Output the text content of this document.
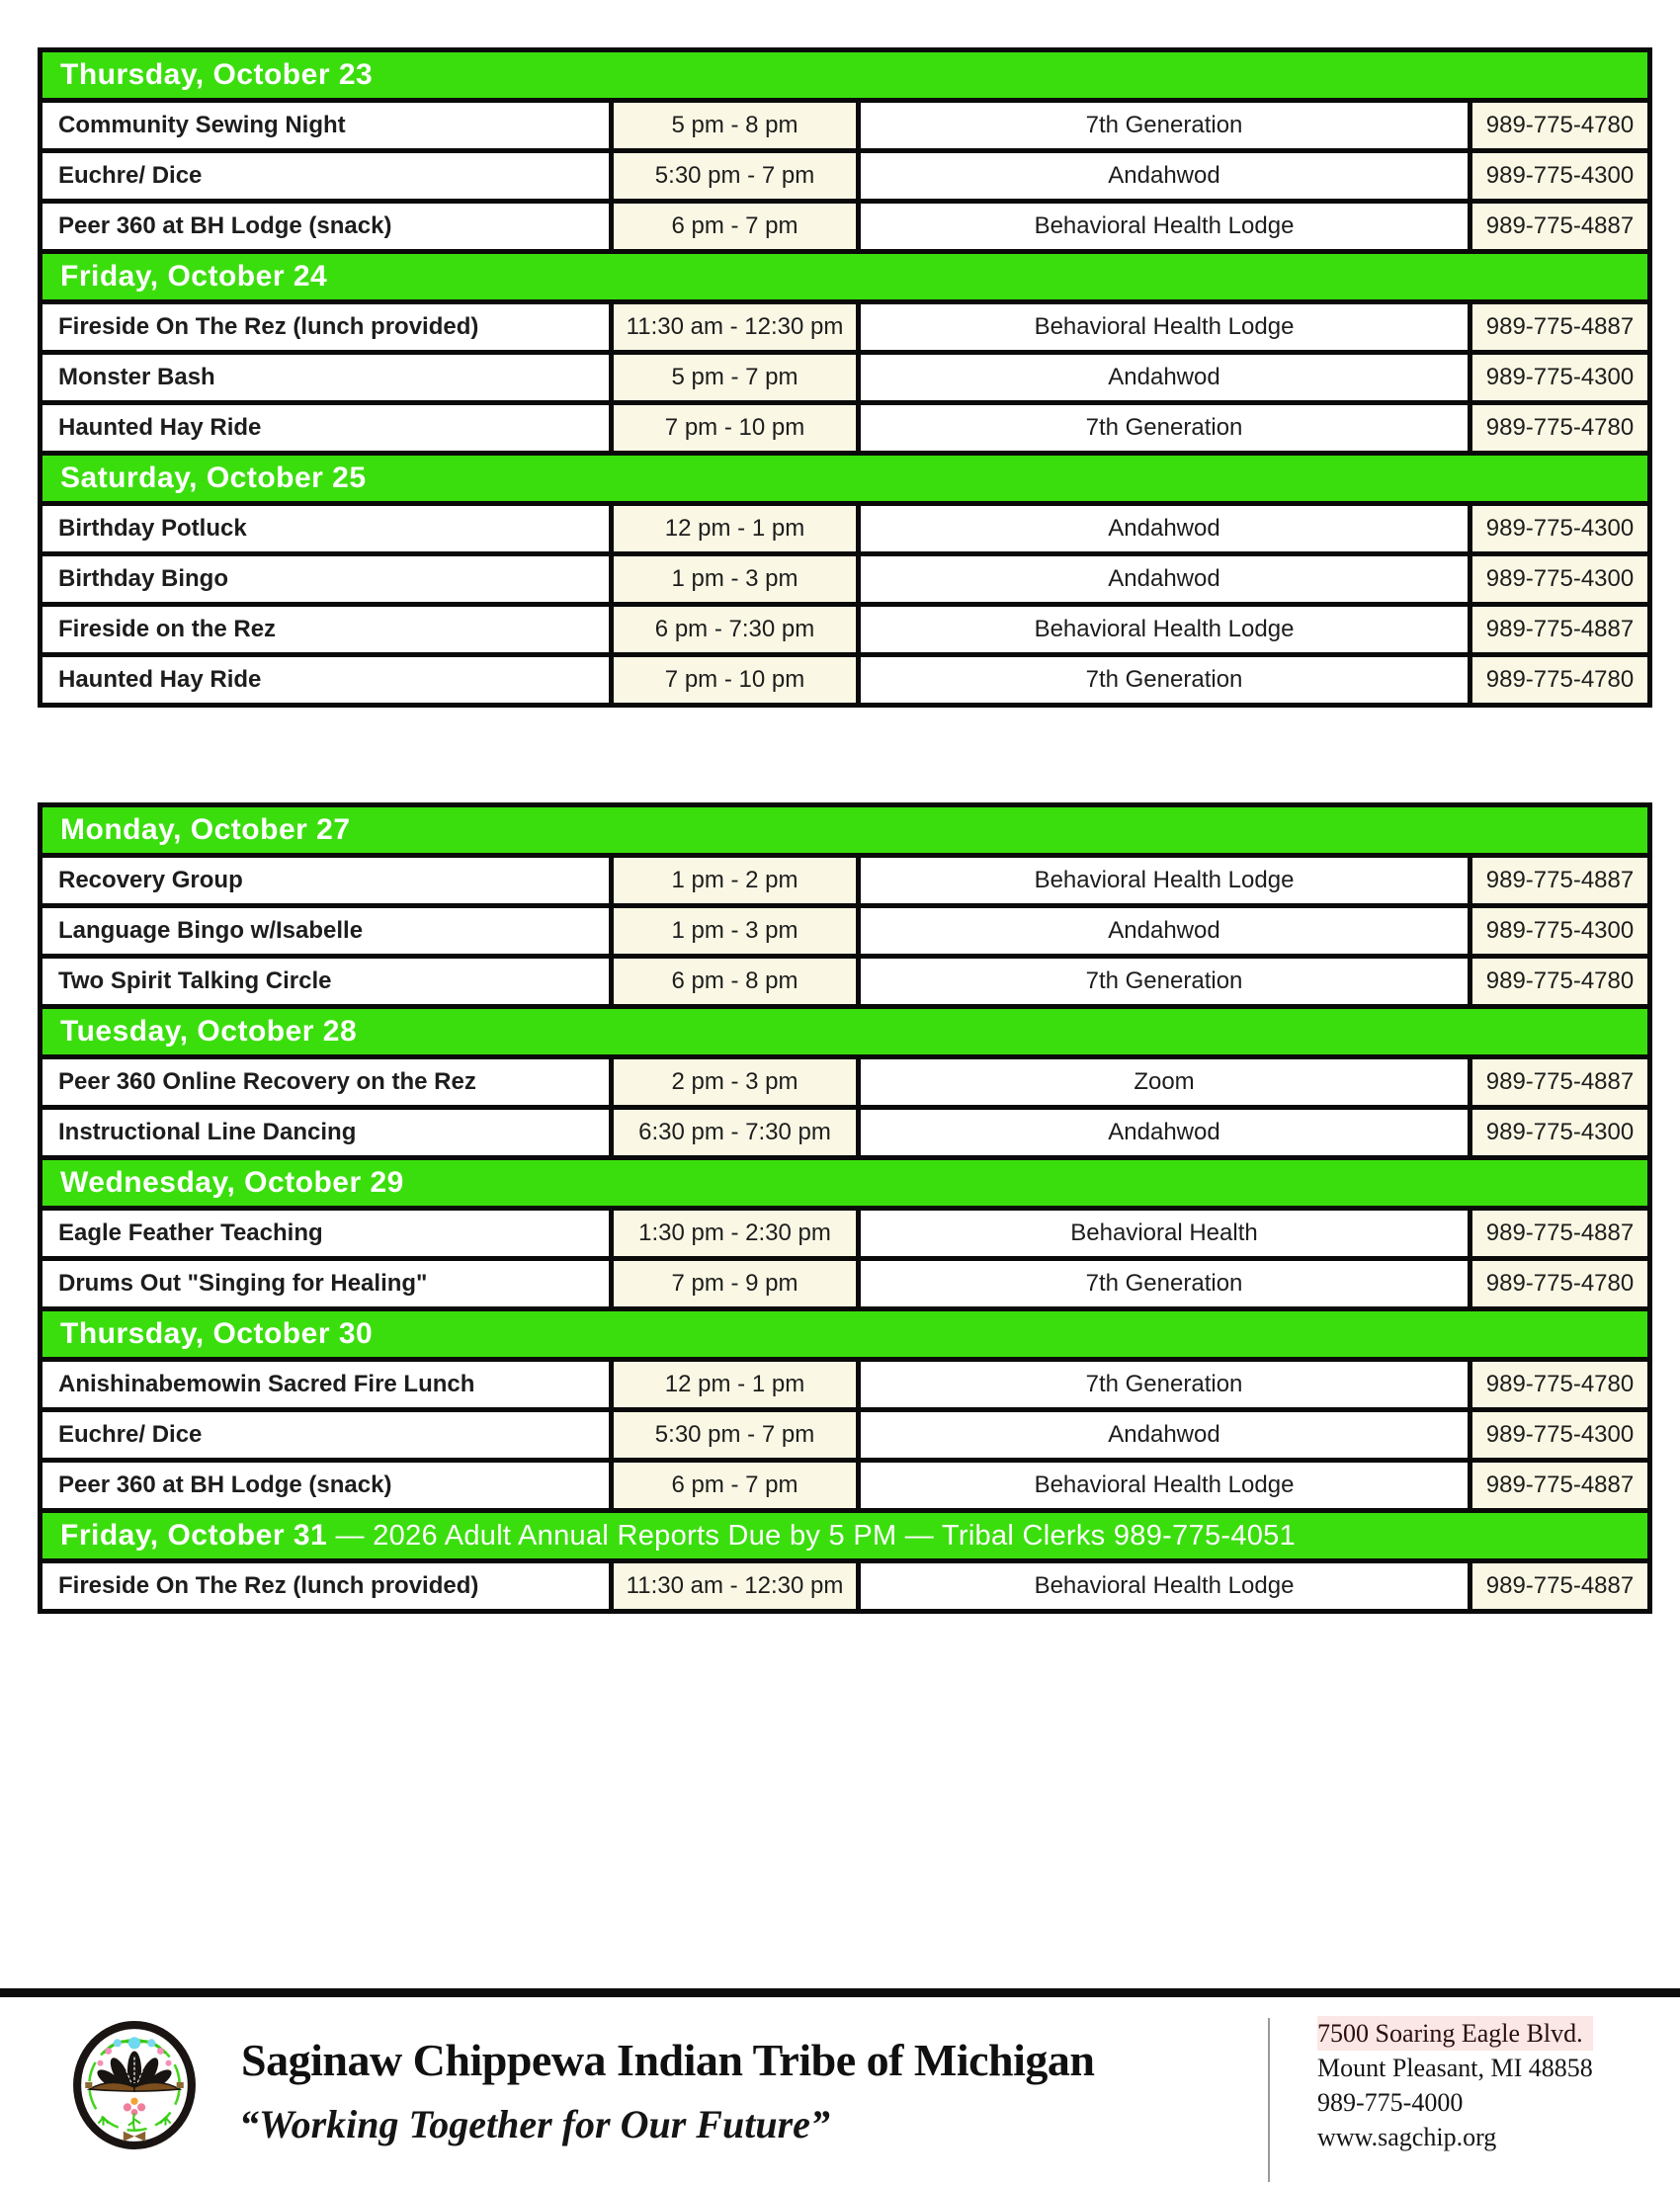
Thursday, October 23			
Community Sewing Night	5 pm - 8 pm	7th Generation	989-775-4780
Euchre/ Dice	5:30 pm - 7 pm	Andahwod	989-775-4300
Peer 360 at BH Lodge (snack)	6 pm - 7 pm	Behavioral Health Lodge	989-775-4887
Friday, October 24			
Fireside On The Rez (lunch provided)	11:30 am - 12:30 pm	Behavioral Health Lodge	989-775-4887
Monster Bash	5 pm - 7 pm	Andahwod	989-775-4300
Haunted Hay Ride	7 pm - 10 pm	7th Generation	989-775-4780
Saturday, October 25			
Birthday Potluck	12 pm - 1 pm	Andahwod	989-775-4300
Birthday Bingo	1 pm - 3 pm	Andahwod	989-775-4300
Fireside on the Rez	6 pm - 7:30 pm	Behavioral Health Lodge	989-775-4887
Haunted Hay Ride	7 pm - 10 pm	7th Generation	989-775-4780
Monday, October 27			
Recovery Group	1 pm - 2 pm	Behavioral Health Lodge	989-775-4887
Language Bingo w/Isabelle	1 pm - 3 pm	Andahwod	989-775-4300
Two Spirit Talking Circle	6 pm - 8 pm	7th Generation	989-775-4780
Tuesday, October 28			
Peer 360 Online Recovery on the Rez	2 pm - 3 pm	Zoom	989-775-4887
Instructional Line Dancing	6:30 pm - 7:30 pm	Andahwod	989-775-4300
Wednesday, October 29			
Eagle Feather Teaching	1:30 pm - 2:30 pm	Behavioral Health	989-775-4887
Drums Out "Singing for Healing"	7 pm - 9 pm	7th Generation	989-775-4780
Thursday, October 30			
Anishinabemowin Sacred Fire Lunch	12 pm - 1 pm	7th Generation	989-775-4780
Euchre/ Dice	5:30 pm - 7 pm	Andahwod	989-775-4300
Peer 360 at BH Lodge (snack)	6 pm - 7 pm	Behavioral Health Lodge	989-775-4887
Friday, October 31 — 2026 Adult Annual Reports Due by 5 PM — Tribal Clerks 989-775-4051			
Fireside On The Rez (lunch provided)	11:30 am - 12:30 pm	Behavioral Health Lodge	989-775-4887
Saginaw Chippewa Indian Tribe of Michigan
“Working Together for Our Future”
7500 Soaring Eagle Blvd.
Mount Pleasant, MI 48858
989-775-4000
www.sagchip.org
